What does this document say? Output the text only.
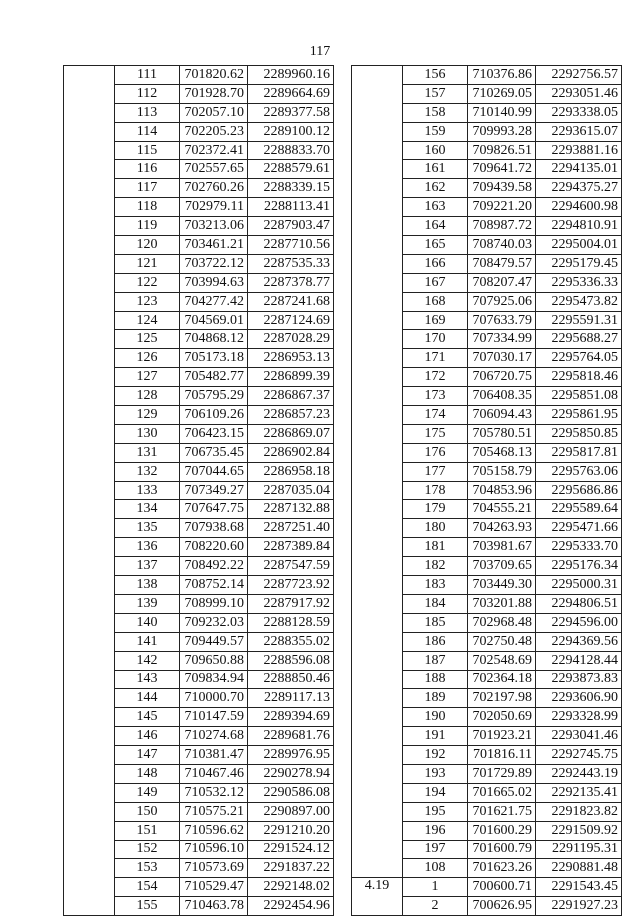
117
	111	701820.62	2289960.16
	112	701928.70	2289664.69
	113	702057.10	2289377.58
	114	702205.23	2289100.12
	115	702372.41	2288833.70
	116	702557.65	2288579.61
	117	702760.26	2288339.15
	118	702979.11	2288113.41
	119	703213.06	2287903.47
	120	703461.21	2287710.56
	121	703722.12	2287535.33
	122	703994.63	2287378.77
	123	704277.42	2287241.68
	124	704569.01	2287124.69
	125	704868.12	2287028.29
	126	705173.18	2286953.13
	127	705482.77	2286899.39
	128	705795.29	2286867.37
	129	706109.26	2286857.23
	130	706423.15	2286869.07
	131	706735.45	2286902.84
	132	707044.65	2286958.18
	133	707349.27	2287035.04
	134	707647.75	2287132.88
	135	707938.68	2287251.40
	136	708220.60	2287389.84
	137	708492.22	2287547.59
	138	708752.14	2287723.92
	139	708999.10	2287917.92
	140	709232.03	2288128.59
	141	709449.57	2288355.02
	142	709650.88	2288596.08
	143	709834.94	2288850.46
	144	710000.70	2289117.13
	145	710147.59	2289394.69
	146	710274.68	2289681.76
	147	710381.47	2289976.95
	148	710467.46	2290278.94
	149	710532.12	2290586.08
	150	710575.21	2290897.00
	151	710596.62	2291210.20
	152	710596.10	2291524.12
	153	710573.69	2291837.22
	154	710529.47	2292148.02
	155	710463.78	2292454.96
	156	710376.86	2292756.57
	157	710269.05	2293051.46
	158	710140.99	2293338.05
	159	709993.28	2293615.07
	160	709826.51	2293881.16
	161	709641.72	2294135.01
	162	709439.58	2294375.27
	163	709221.20	2294600.98
	164	708987.72	2294810.91
	165	708740.03	2295004.01
	166	708479.57	2295179.45
	167	708207.47	2295336.33
	168	707925.06	2295473.82
	169	707633.79	2295591.31
	170	707334.99	2295688.27
	171	707030.17	2295764.05
	172	706720.75	2295818.46
	173	706408.35	2295851.08
	174	706094.43	2295861.95
	175	705780.51	2295850.85
	176	705468.13	2295817.81
	177	705158.79	2295763.06
	178	704853.96	2295686.86
	179	704555.21	2295589.64
	180	704263.93	2295471.66
	181	703981.67	2295333.70
	182	703709.65	2295176.34
	183	703449.30	2295000.31
	184	703201.88	2294806.51
	185	702968.48	2294596.00
	186	702750.48	2294369.56
	187	702548.69	2294128.44
	188	702364.18	2293873.83
	189	702197.98	2293606.90
	190	702050.69	2293328.99
	191	701923.21	2293041.46
	192	701816.11	2292745.75
	193	701729.89	2292443.19
	194	701665.02	2292135.41
	195	701621.75	2291823.82
	196	701600.29	2291509.92
	197	701600.79	2291195.31
	108	701623.26	2290881.48
4.19	1	700600.71	2291543.45
	2	700626.95	2291927.23
